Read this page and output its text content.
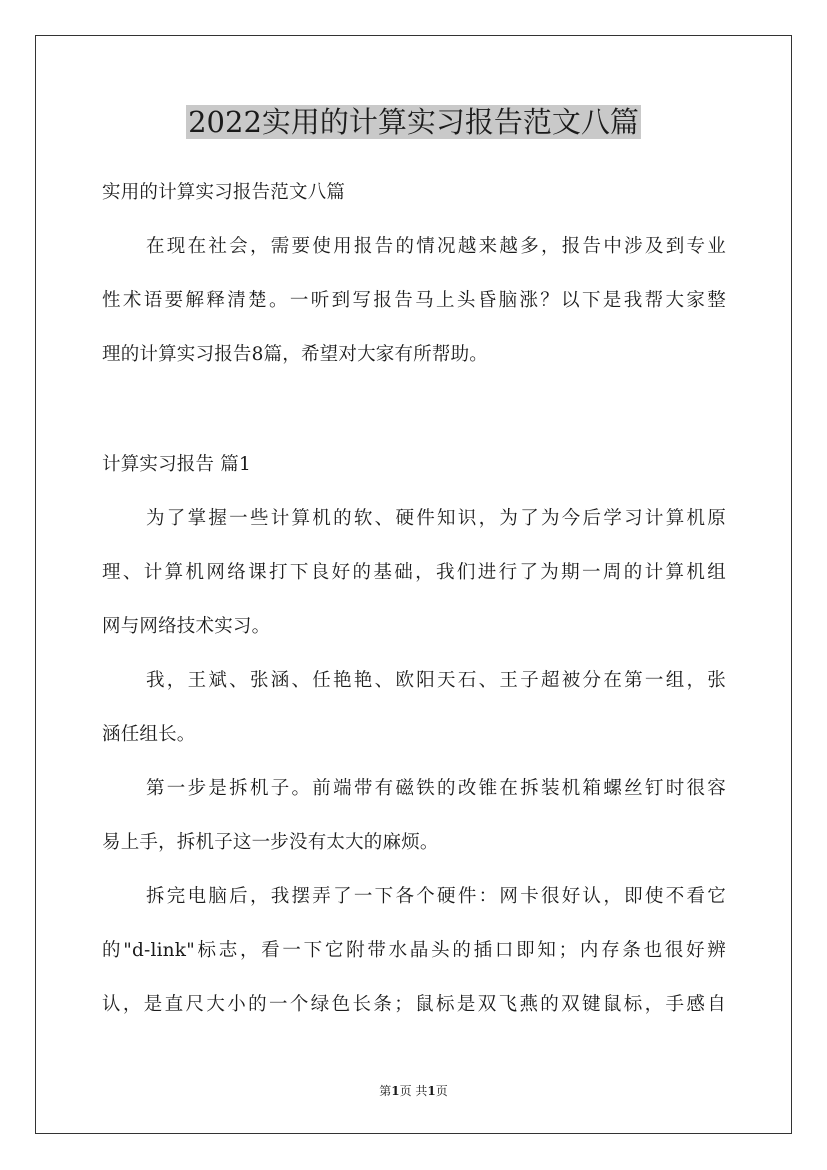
2022实用的计算实习报告范文八篇
实用的计算实习报告范文八篇
在现在社会，需要使用报告的情况越来越多，报告中涉及到专业
性术语要解释清楚。一听到写报告马上头昏脑涨？以下是我帮大家整
理的计算实习报告8篇，希望对大家有所帮助。
计算实习报告 篇1
为了掌握一些计算机的软、硬件知识，为了为今后学习计算机原
理、计算机网络课打下良好的基础，我们进行了为期一周的计算机组
网与网络技术实习。
我，王斌、张涵、任艳艳、欧阳天石、王子超被分在第一组，张
涵任组长。
第一步是拆机子。前端带有磁铁的改锥在拆装机箱螺丝钉时很容
易上手，拆机子这一步没有太大的麻烦。
拆完电脑后，我摆弄了一下各个硬件：网卡很好认，即使不看它
的"d-link"标志，看一下它附带水晶头的插口即知；内存条也很好辨
认，是直尺大小的一个绿色长条；鼠标是双飞燕的双键鼠标，手感自
第1页 共1页
